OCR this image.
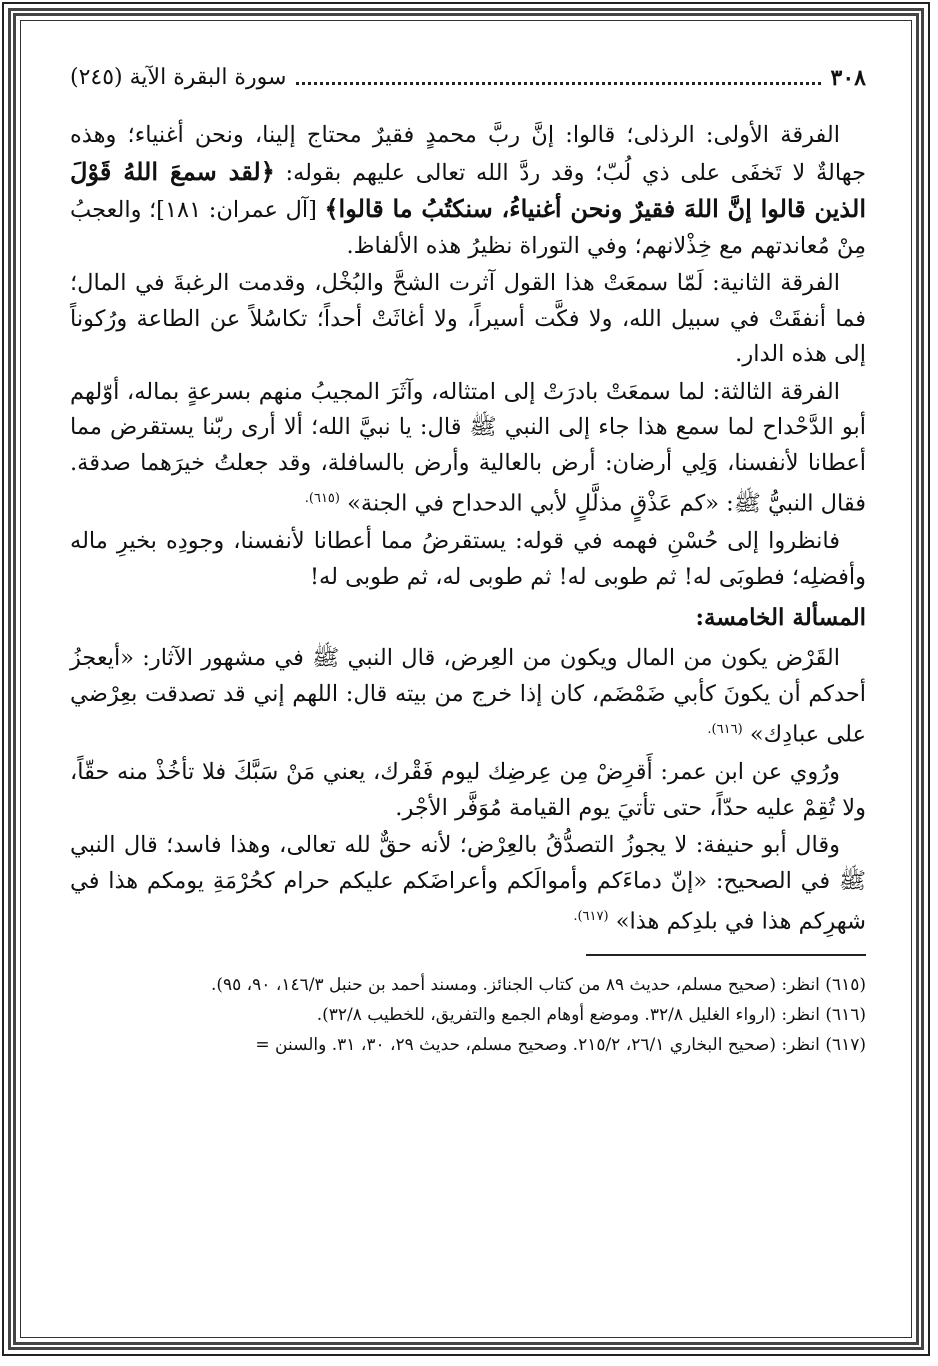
٣٠٨
سورة البقرة الآية (٢٤٥)

الفرقة الأولى: الرذلى؛ قالوا: إنَّ ربَّ محمدٍ فقيرٌ محتاج إلينا، ونحن أغنياء؛ وهذه جهالةٌ لا تَخفَى على ذي لُبّ؛ وقد ردَّ الله تعالى عليهم بقوله: ﴿لقد سمعَ اللهُ قَوْلَ الذين قالوا إنَّ اللهَ فقيرٌ ونحن أغنياءُ، سنكتُبُ ما قالوا﴾ [آل عمران: ١٨١]؛ والعجبُ مِنْ مُعاندتهم مع خِذْلانهم؛ وفي التوراة نظيرُ هذه الألفاظ.

الفرقة الثانية: لَمّا سمعَتْ هذا القول آثرت الشحَّ والبُخْل، وقدمت الرغبةَ في المال؛ فما أنفقَتْ في سبيل الله، ولا فكَّت أسيراً، ولا أغاثَتْ أحداً؛ تكاسُلاً عن الطاعة ورُكوناً إلى هذه الدار.

الفرقة الثالثة: لما سمعَتْ بادرَتْ إلى امتثاله، وآثَرَ المجيبُ منهم بسرعةٍ بماله، أوّلهم أبو الدَّحْداح لما سمع هذا جاء إلى النبي ﷺ قال: يا نبيَّ الله؛ ألا أرى ربّنا يستقرض مما أعطانا لأنفسنا، وَلِي أرضان: أرض بالعالية وأرض بالسافلة، وقد جعلتُ خيرَهما صدقة. فقال النبيُّ ﷺ: «كم عَذْقٍ مذلَّلٍ لأبي الدحداح في الجنة» $^{(٦١٥).}$

فانظروا إلى حُسْنِ فهمه في قوله: يستقرضُ مما أعطانا لأنفسنا، وجودِه بخيرِ ماله وأفضلِه؛ فطوبَى له! ثم طوبى له! ثم طوبى له، ثم طوبى له!

المسألة الخامسة:

القَرْض يكون من المال ويكون من العِرض، قال النبي ﷺ في مشهور الآثار: «أيعجزُ أحدكم أن يكونَ كأبي ضَمْضَم، كان إذا خرج من بيته قال: اللهم إني قد تصدقت بعِرْضي على عبادِك» $^{(٦١٦).}$

ورُوي عن ابن عمر: أَقرِضْ مِن عِرضِك ليوم فَقْرك، يعني مَنْ سَبَّكَ فلا تأخُذْ منه حقّاً، ولا تُقِمْ عليه حدّاً، حتى تأتيَ يوم القيامة مُوَفَّر الأجْر.

وقال أبو حنيفة: لا يجوزُ التصدُّقُ بالعِرْض؛ لأنه حقٌّ لله تعالى، وهذا فاسد؛ قال النبي ﷺ في الصحيح: «إنّ دماءَكم وأموالَكم وأعراضَكم عليكم حرام كحُرْمَةِ يومكم هذا في شهرِكم هذا في بلدِكم هذا» $^{(٦١٧).}$

(٦١٥) انظر: (صحيح مسلم، حديث ٨٩ من كتاب الجنائز. ومسند أحمد بن حنبل ١٤٦/٣، ٩٠، ٩٥).

(٦١٦) انظر: (ارواء الغليل ٣٢/٨. وموضع أوهام الجمع والتفريق، للخطيب ٣٢/٨).

(٦١٧) انظر: (صحيح البخاري ٢٦/١، ٢١٥/٢. وصحيح مسلم، حديث ٢٩، ٣٠، ٣١. والسنن =
